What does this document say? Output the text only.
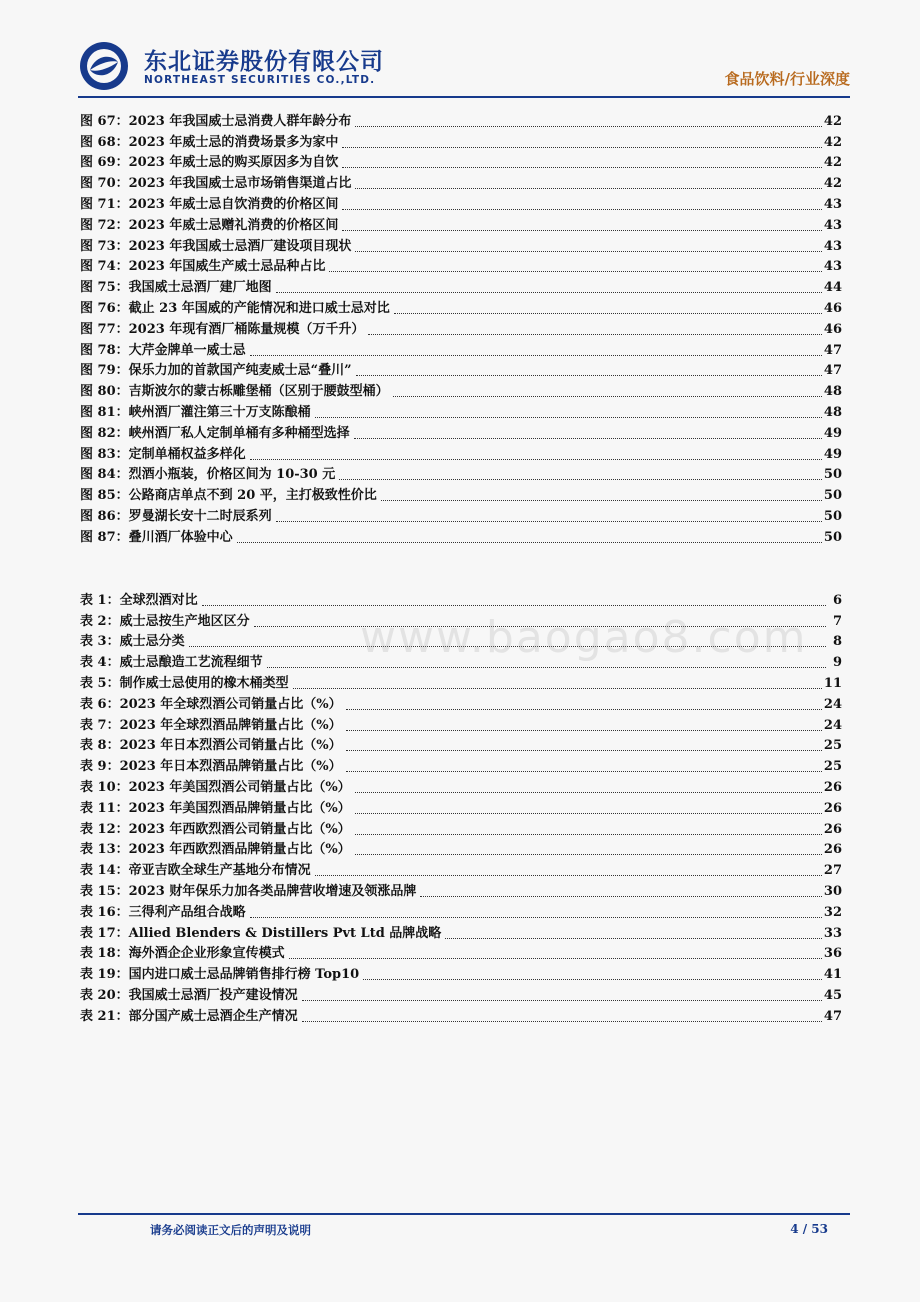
东北证券股份有限公司
NORTHEAST SECURITIES CO.,LTD.	食品饮料/行业深度
图 67：2023 年我国威士忌消费人群年龄分布	42
图 68：2023 年威士忌的消费场景多为家中	42
图 69：2023 年威士忌的购买原因多为自饮	42
图 70：2023 年我国威士忌市场销售渠道占比	42
图 71：2023 年威士忌自饮消费的价格区间	43
图 72：2023 年威士忌赠礼消费的价格区间	43
图 73：2023 年我国威士忌酒厂建设项目现状	43
图 74：2023 年国威生产威士忌品种占比	43
图 75：我国威士忌酒厂建厂地图	44
图 76：截止 23 年国威的产能情况和进口威士忌对比	46
图 77：2023 年现有酒厂桶陈量规模（万千升）	46
图 78：大芹金牌单一威士忌	47
图 79：保乐力加的首款国产纯麦威士忌“叠川”	47
图 80：吉斯波尔的蒙古栎雕堡桶（区别于腰鼓型桶）	48
图 81：峡州酒厂灌注第三十万支陈酿桶	48
图 82：峡州酒厂私人定制单桶有多种桶型选择	49
图 83：定制单桶权益多样化	49
图 84：烈酒小瓶装，价格区间为 10-30 元	50
图 85：公路商店单点不到 20 平，主打极致性价比	50
图 86：罗曼湖长安十二时辰系列	50
图 87：叠川酒厂体验中心	50
表 1：全球烈酒对比	6
表 2：威士忌按生产地区区分	7
表 3：威士忌分类	8
表 4：威士忌酿造工艺流程细节	9
表 5：制作威士忌使用的橡木桶类型	11
表 6：2023 年全球烈酒公司销量占比（%）	24
表 7：2023 年全球烈酒品牌销量占比（%）	24
表 8：2023 年日本烈酒公司销量占比（%）	25
表 9：2023 年日本烈酒品牌销量占比（%）	25
表 10：2023 年美国烈酒公司销量占比（%）	26
表 11：2023 年美国烈酒品牌销量占比（%）	26
表 12：2023 年西欧烈酒公司销量占比（%）	26
表 13：2023 年西欧烈酒品牌销量占比（%）	26
表 14：帝亚吉欧全球生产基地分布情况	27
表 15：2023 财年保乐力加各类品牌营收增速及领涨品牌	30
表 16：三得利产品组合战略	32
表 17：Allied Blenders & Distillers Pvt Ltd 品牌战略	33
表 18：海外酒企企业形象宣传模式	36
表 19：国内进口威士忌品牌销售排行榜 Top10	41
表 20：我国威士忌酒厂投产建设情况	45
表 21：部分国产威士忌酒企生产情况	47
www.baogao8.com
请务必阅读正文后的声明及说明	4 / 53
